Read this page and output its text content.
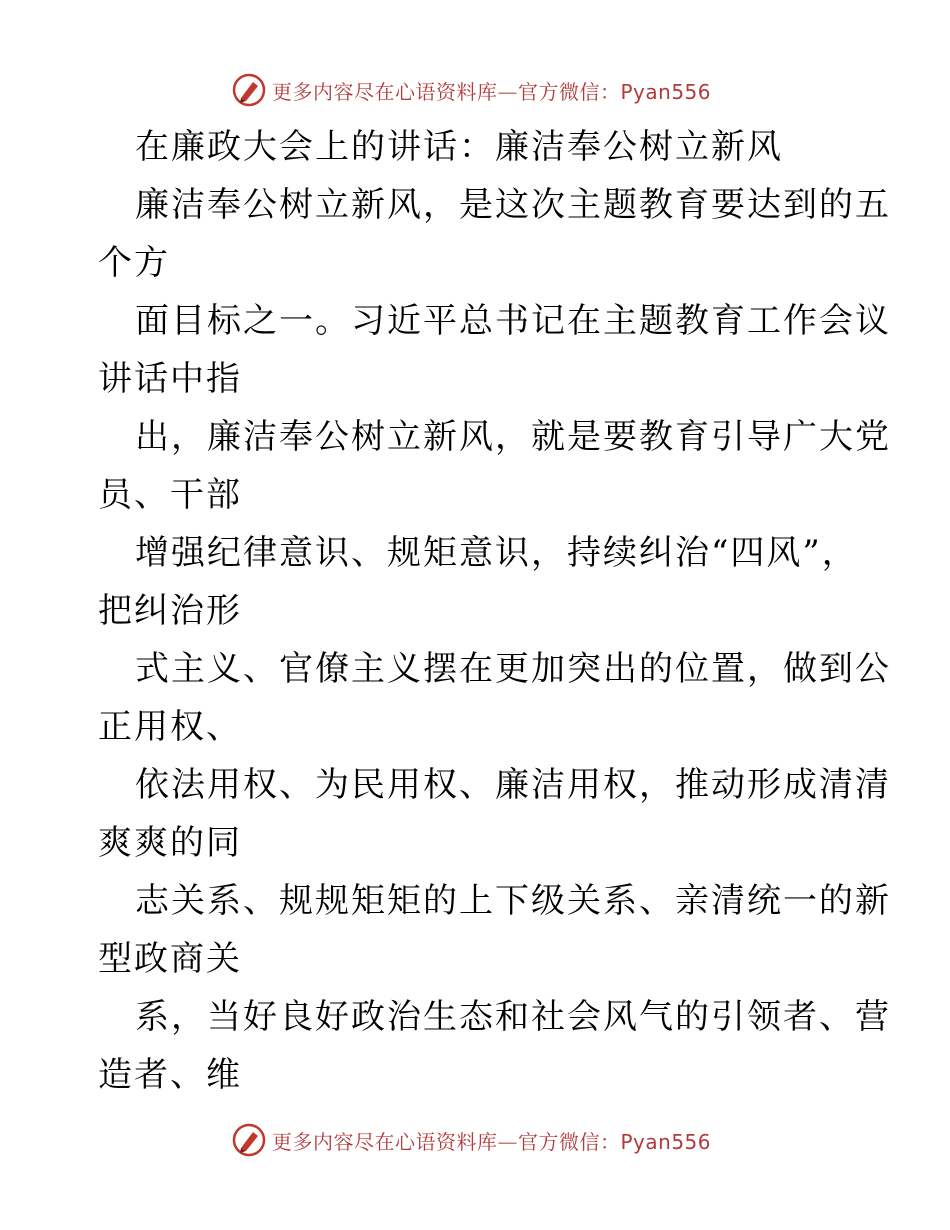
更多内容尽在心语资料库—官方微信：Pyan556
在廉政大会上的讲话：廉洁奉公树立新风
廉洁奉公树立新风，是这次主题教育要达到的五
个方
面目标之一。习近平总书记在主题教育工作会议
讲话中指
出，廉洁奉公树立新风，就是要教育引导广大党
员、干部
增强纪律意识、规矩意识，持续纠治“四风”，
把纠治形
式主义、官僚主义摆在更加突出的位置，做到公
正用权、
依法用权、为民用权、廉洁用权，推动形成清清
爽爽的同
志关系、规规矩矩的上下级关系、亲清统一的新
型政商关
系，当好良好政治生态和社会风气的引领者、营
造者、维
更多内容尽在心语资料库—官方微信：Pyan556
